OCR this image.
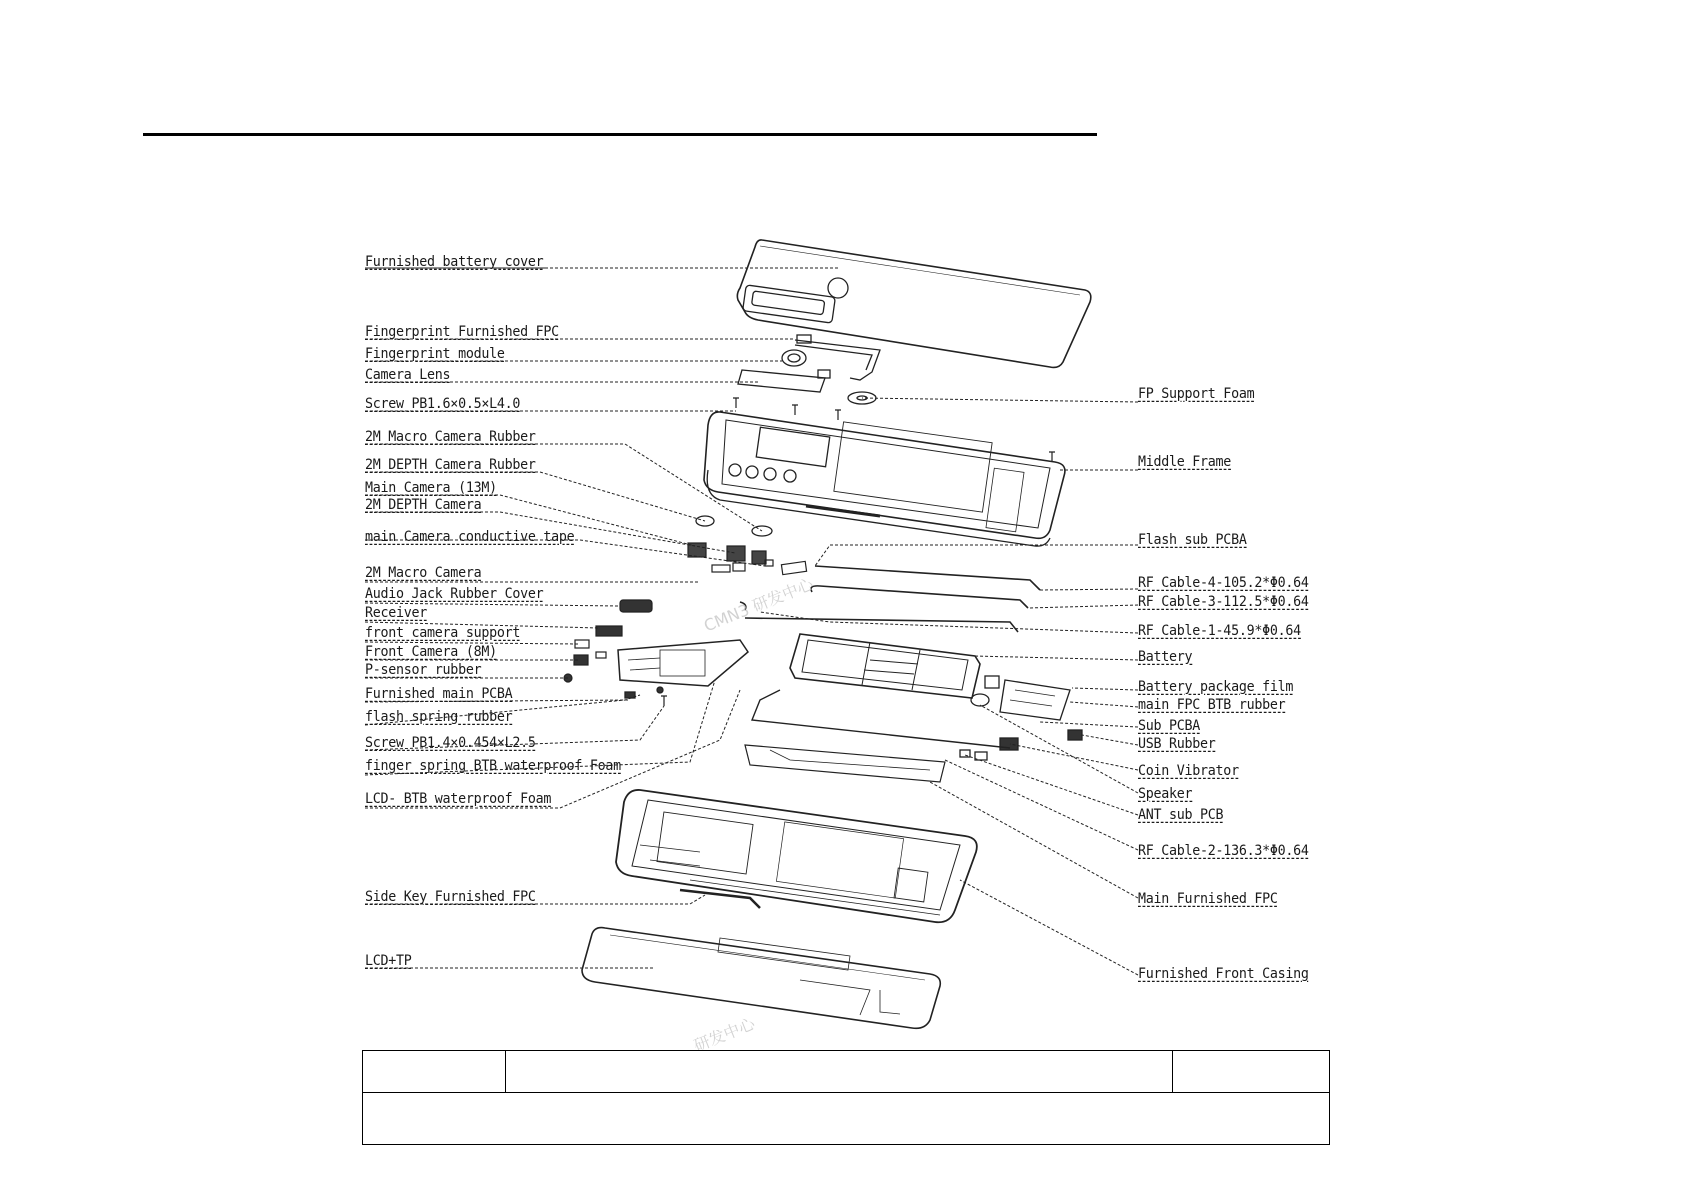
CMN3 研发中心
研发中心
Furnished battery cover
Fingerprint Furnished FPC
Fingerprint module
Camera Lens
Screw PB1.6×0.5×L4.0
2M Macro Camera Rubber
2M DEPTH Camera Rubber
Main Camera (13M)
2M DEPTH Camera
main Camera conductive tape
2M Macro Camera
Audio Jack Rubber Cover
Receiver
front camera support
Front Camera (8M)
P-sensor rubber
Furnished main PCBA
flash spring rubber
Screw PB1.4×0.454×L2.5
finger spring BTB waterproof Foam
LCD- BTB waterproof Foam
Side Key Furnished FPC
LCD+TP
FP Support Foam
Middle Frame
Flash sub PCBA
RF Cable-4-105.2*Φ0.64
RF Cable-3-112.5*Φ0.64
RF Cable-1-45.9*Φ0.64
Battery
Battery package film
main FPC BTB rubber
Sub PCBA
USB Rubber
Coin Vibrator
Speaker
ANT sub PCB
RF Cable-2-136.3*Φ0.64
Main Furnished FPC
Furnished Front Casing
